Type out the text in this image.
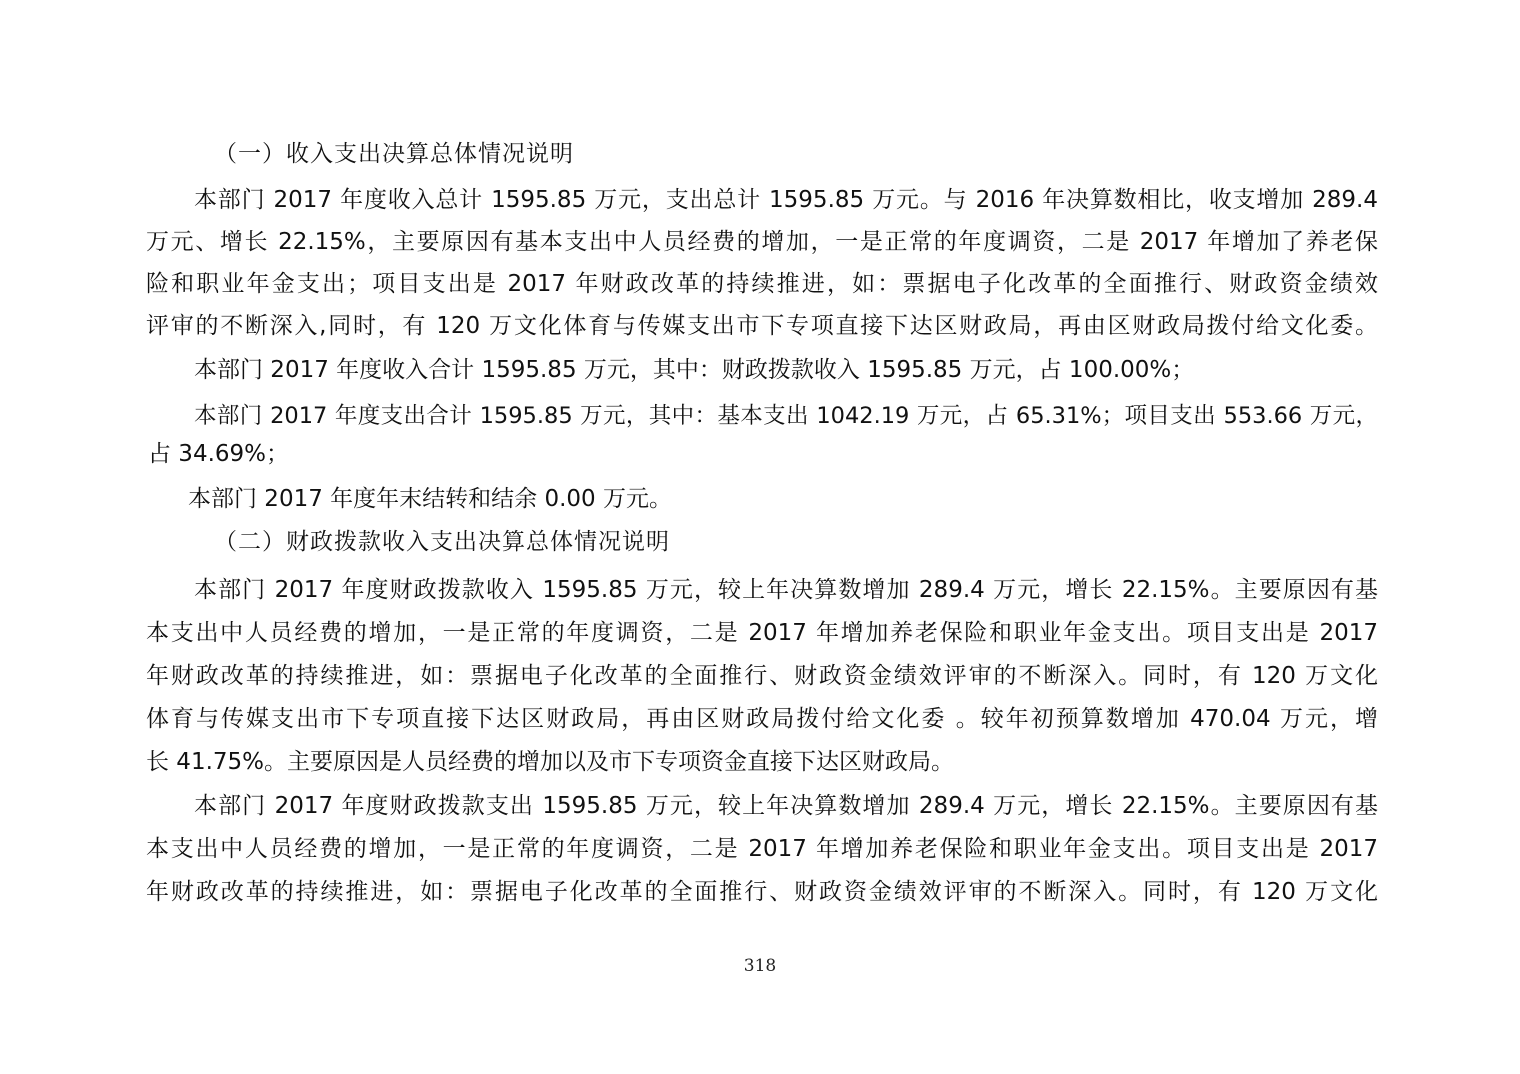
（一）收入支出决算总体情况说明
本部门 2017 年度收入总计 1595.85 万元，支出总计 1595.85 万元。与 2016 年决算数相比，收支增加 289.4
万元、增长 22.15%，主要原因有基本支出中人员经费的增加，一是正常的年度调资，二是 2017 年增加了养老保
险和职业年金支出；项目支出是 2017 年财政改革的持续推进，如：票据电子化改革的全面推行、财政资金绩效
评审的不断深入,同时，有 120 万文化体育与传媒支出市下专项直接下达区财政局，再由区财政局拨付给文化委。
本部门 2017 年度收入合计 1595.85 万元，其中：财政拨款收入 1595.85 万元，占 100.00%；
本部门 2017 年度支出合计 1595.85 万元，其中：基本支出 1042.19 万元，占 65.31%；项目支出 553.66 万元，
占 34.69%；
本部门 2017 年度年末结转和结余 0.00 万元。
（二）财政拨款收入支出决算总体情况说明
本部门 2017 年度财政拨款收入 1595.85 万元，较上年决算数增加 289.4 万元，增长 22.15%。主要原因有基
本支出中人员经费的增加，一是正常的年度调资，二是 2017 年增加养老保险和职业年金支出。项目支出是 2017
年财政改革的持续推进，如：票据电子化改革的全面推行、财政资金绩效评审的不断深入。同时，有 120 万文化
体育与传媒支出市下专项直接下达区财政局，再由区财政局拨付给文化委 。较年初预算数增加 470.04 万元，增
长 41.75%。主要原因是人员经费的增加以及市下专项资金直接下达区财政局。
本部门 2017 年度财政拨款支出 1595.85 万元，较上年决算数增加 289.4 万元，增长 22.15%。主要原因有基
本支出中人员经费的增加，一是正常的年度调资，二是 2017 年增加养老保险和职业年金支出。项目支出是 2017
年财政改革的持续推进，如：票据电子化改革的全面推行、财政资金绩效评审的不断深入。同时，有 120 万文化
318
